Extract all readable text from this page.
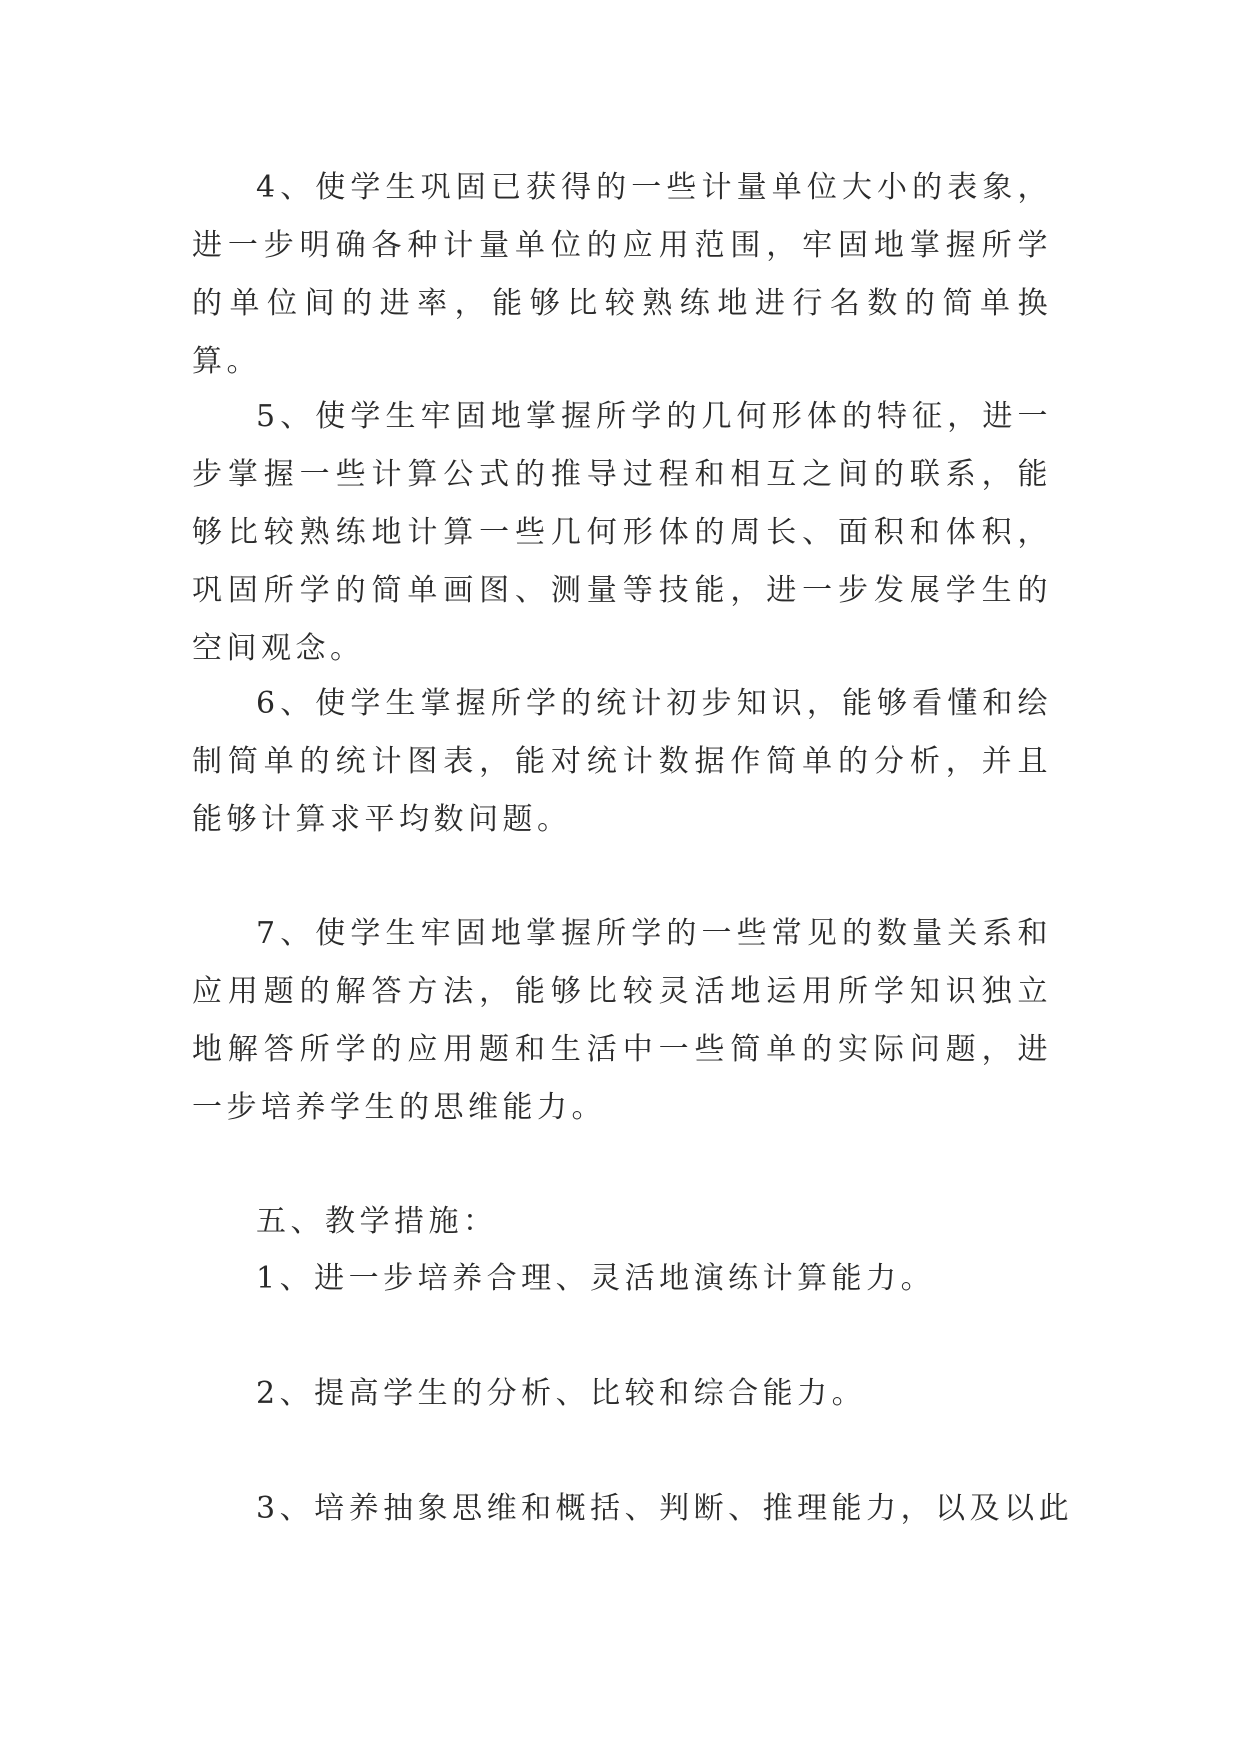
4、使学生巩固已获得的一些计量单位大小的表象，进一步明确各种计量单位的应用范围，牢固地掌握所学的单位间的进率，能够比较熟练地进行名数的简单换算。

5、使学生牢固地掌握所学的几何形体的特征，进一步掌握一些计算公式的推导过程和相互之间的联系，能够比较熟练地计算一些几何形体的周长、面积和体积，巩固所学的简单画图、测量等技能，进一步发展学生的空间观念。

6、使学生掌握所学的统计初步知识，能够看懂和绘制简单的统计图表，能对统计数据作简单的分析，并且能够计算求平均数问题。

7、使学生牢固地掌握所学的一些常见的数量关系和应用题的解答方法，能够比较灵活地运用所学知识独立地解答所学的应用题和生活中一些简单的实际问题，进一步培养学生的思维能力。

五、教学措施：

1、进一步培养合理、灵活地演练计算能力。

2、提高学生的分析、比较和综合能力。

3、培养抽象思维和概括、判断、推理能力，以及以此
